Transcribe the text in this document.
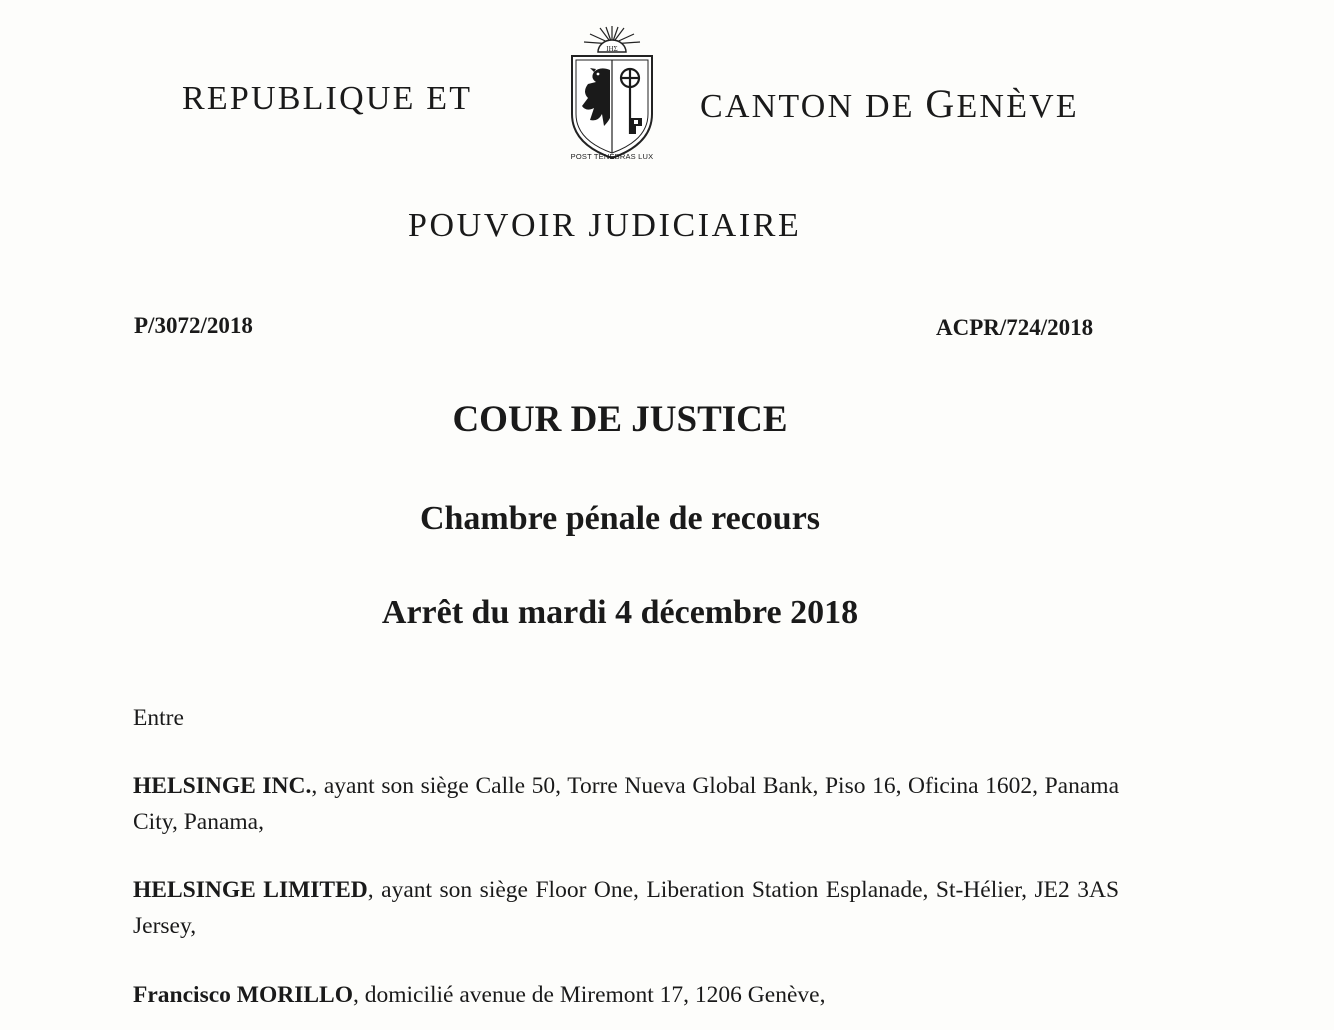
REPUBLIQUE ET
IHΣ
POST TENEBRAS LUX
CANTON DE GENÈVE
POUVOIR JUDICIAIRE
P/3072/2018	ACPR/724/2018
COUR DE JUSTICE
Chambre pénale de recours
Arrêt du mardi 4 décembre 2018
Entre
HELSINGE INC., ayant son siège Calle 50, Torre Nueva Global Bank, Piso 16, Oficina 1602, Panama City, Panama,
HELSINGE LIMITED, ayant son siège Floor One, Liberation Station Esplanade, St-Hélier, JE2 3AS Jersey,
Francisco MORILLO, domicilié avenue de Miremont 17, 1206 Genève,
